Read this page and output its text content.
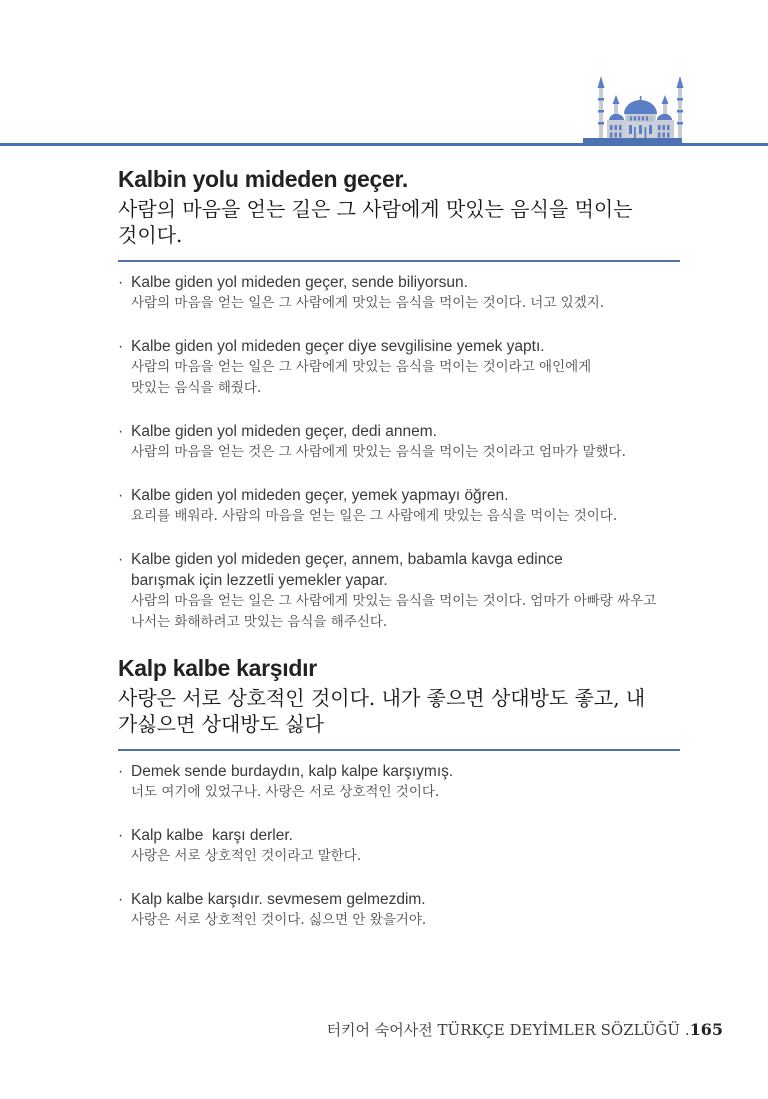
Kalbin yolu mideden geçer.
사람의 마음을 얻는 길은 그 사람에게 맛있는 음식을 먹이는
것이다.
· Kalbe giden yol mideden geçer, sende biliyorsun.
사람의 마음을 얻는 일은 그 사람에게 맛있는 음식을 먹이는 것이다. 너고 있겠지.
· Kalbe giden yol mideden geçer diye sevgilisine yemek yaptı.
사람의 마음을 얻는 일은 그 사람에게 맛있는 음식을 먹이는 것이라고 애인에게
맛있는 음식을 해줬다.
· Kalbe giden yol mideden geçer, dedi annem.
사람의 마음을 얻는 것은 그 사람에게 맛있는 음식을 먹이는 것이라고 엄마가 말했다.
· Kalbe giden yol mideden geçer, yemek yapmayı öğren.
요리를 배워라. 사람의 마음을 얻는 일은 그 사람에게 맛있는 음식을 먹이는 것이다.
· Kalbe giden yol mideden geçer, annem, babamla kavga edince
barışmak için lezzetli yemekler yapar.
사람의 마음을 얻는 일은 그 사람에게 맛있는 음식을 먹이는 것이다. 엄마가 아빠랑 싸우고
나서는 화해하려고 맛있는 음식을 해주신다.
Kalp kalbe karşıdır
사랑은 서로 상호적인 것이다. 내가 좋으면 상대방도 좋고, 내
가싫으면 상대방도 싫다
· Demek sende burdaydın, kalp kalpe karşıymış.
너도 여기에 있었구나. 사랑은 서로 상호적인 것이다.
· Kalp kalbe  karşı derler.
사랑은 서로 상호적인 것이라고 말한다.
· Kalp kalbe karşıdır. sevmesem gelmezdim.
사랑은 서로 상호적인 것이다. 싫으면 안 왔을거야.
터키어 숙어사전 TÜRKÇE DEYİMLER SÖZLÜĞÜ .165
